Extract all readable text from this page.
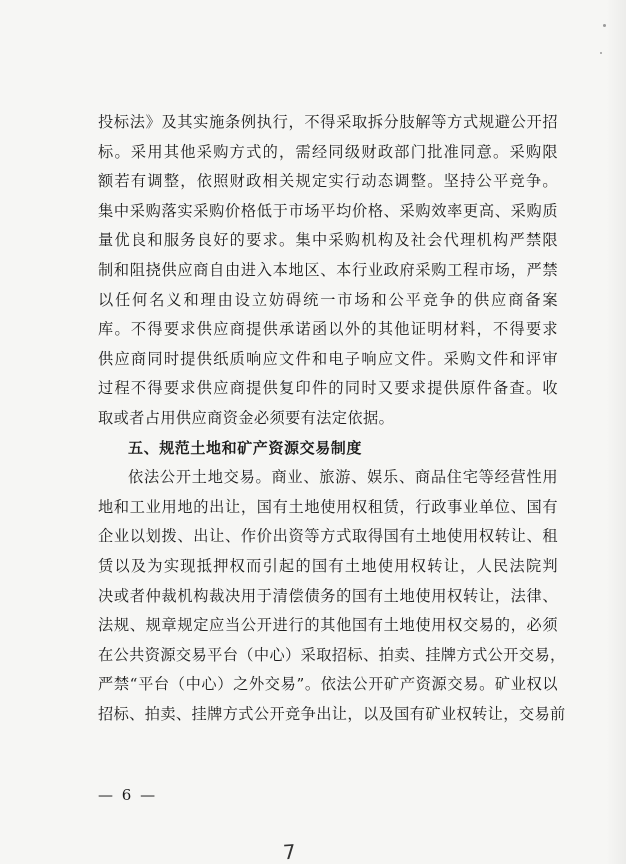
投标法》及其实施条例执行，不得采取拆分肢解等方式规避公开招
标。采用其他采购方式的，需经同级财政部门批准同意。采购限
额若有调整，依照财政相关规定实行动态调整。坚持公平竞争。
集中采购落实采购价格低于市场平均价格、采购效率更高、采购质
量优良和服务良好的要求。集中采购机构及社会代理机构严禁限
制和阻挠供应商自由进入本地区、本行业政府采购工程市场，严禁
以任何名义和理由设立妨碍统一市场和公平竞争的供应商备案
库。不得要求供应商提供承诺函以外的其他证明材料，不得要求
供应商同时提供纸质响应文件和电子响应文件。采购文件和评审
过程不得要求供应商提供复印件的同时又要求提供原件备查。收
取或者占用供应商资金必须要有法定依据。
五、规范土地和矿产资源交易制度
依法公开土地交易。商业、旅游、娱乐、商品住宅等经营性用
地和工业用地的出让，国有土地使用权租赁，行政事业单位、国有
企业以划拨、出让、作价出资等方式取得国有土地使用权转让、租
赁以及为实现抵押权而引起的国有土地使用权转让，人民法院判
决或者仲裁机构裁决用于清偿债务的国有土地使用权转让，法律、
法规、规章规定应当公开进行的其他国有土地使用权交易的，必须
在公共资源交易平台（中心）采取招标、拍卖、挂牌方式公开交易，
严禁“平台（中心）之外交易”。依法公开矿产资源交易。矿业权以
招标、拍卖、挂牌方式公开竞争出让，以及国有矿业权转让，交易前
— 6 —
7
